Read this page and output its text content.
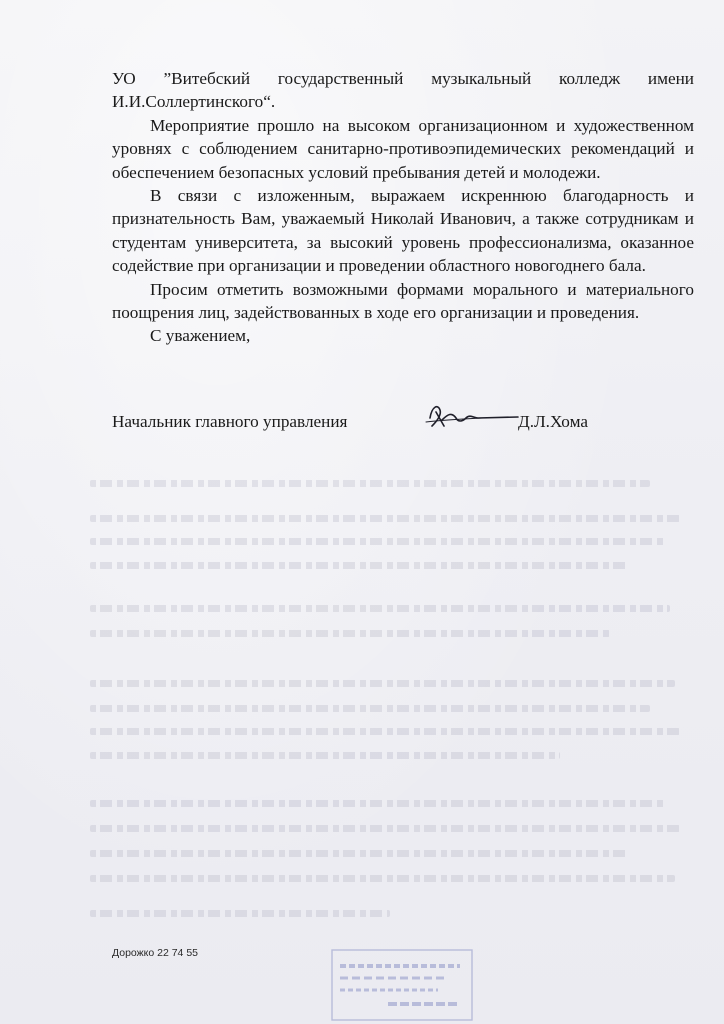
УО ”Витебский государственный музыкальный колледж имени И.И.Соллертинского“.

Мероприятие прошло на высоком организационном и художественном уровнях с соблюдением санитарно-противоэпидемических рекомендаций и обеспечением безопасных условий пребывания детей и молодежи.

В связи с изложенным, выражаем искреннюю благодарность и признательность Вам, уважаемый Николай Иванович, а также сотрудникам и студентам университета, за высокий уровень профессионализма, оказанное содействие при организации и проведении областного новогоднего бала.

Просим отметить возможными формами морального и материального поощрения лиц, задействованных в ходе его организации и проведения.

С уважением,

Начальник главного управления	Д.Л.Хома
Дорожко 22 74 55
